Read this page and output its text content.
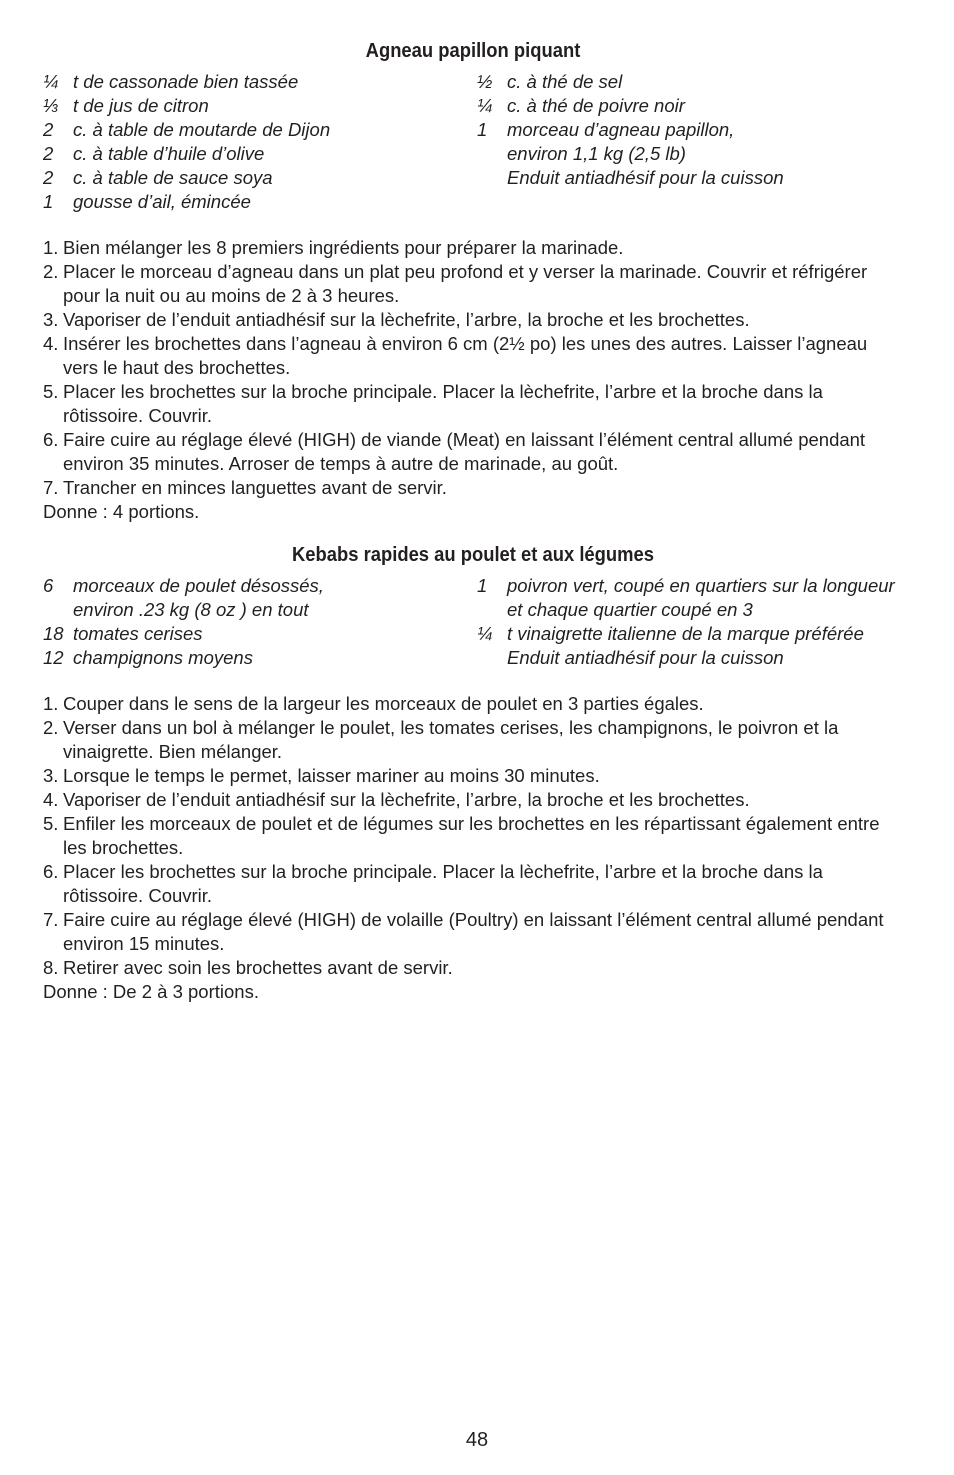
Agneau papillon piquant
¼ t de cassonade bien tassée
⅓ t de jus de citron
2	c. à table de moutarde de Dijon
2	c. à table d’huile d’olive
2	c. à table de sauce soya
1	gousse d’ail, émincée
½ c. à thé de sel
¼ c. à thé de poivre noir
1	morceau d’agneau papillon,
environ 1,1 kg (2,5 lb)
Enduit antiadhésif pour la cuisson
1. Bien mélanger les 8 premiers ingrédients pour préparer la marinade.
2. Placer le morceau d’agneau dans un plat peu profond et y verser la marinade. Couvrir et réfrigérer pour la nuit ou au moins de 2 à 3 heures.
3. Vaporiser de l’enduit antiadhésif sur la lèchefrite, l’arbre, la broche et les brochettes.
4. Insérer les brochettes dans l’agneau à environ 6 cm (2½ po) les unes des autres. Laisser l’agneau vers le haut des brochettes.
5. Placer les brochettes sur la broche principale. Placer la lèchefrite, l’arbre et la broche dans la rôtissoire. Couvrir.
6. Faire cuire au réglage élevé (HIGH) de viande (Meat) en laissant l’élément central allumé pendant environ 35 minutes. Arroser de temps à autre de marinade, au goût.
7. Trancher en minces languettes avant de servir.

Donne : 4 portions.

Kebabs rapides au poulet et aux légumes
6	morceaux de poulet désossés,
environ .23 kg (8 oz ) en tout
18 tomates cerises
12 champignons moyens
1	poivron vert, coupé en quartiers sur la longueur
et chaque quartier coupé en 3
¼ t vinaigrette italienne de la marque préférée
Enduit antiadhésif pour la cuisson
1. Couper dans le sens de la largeur les morceaux de poulet en 3 parties égales.
2. Verser dans un bol à mélanger le poulet, les tomates cerises, les champignons, le poivron et la vinaigrette. Bien mélanger.
3. Lorsque le temps le permet, laisser mariner au moins 30 minutes.
4. Vaporiser de l’enduit antiadhésif sur la lèchefrite, l’arbre, la broche et les brochettes.
5. Enfiler les morceaux de poulet et de légumes sur les brochettes en les répartissant également entre les brochettes.
6. Placer les brochettes sur la broche principale. Placer la lèchefrite, l’arbre et la broche dans la rôtissoire. Couvrir.
7. Faire cuire au réglage élevé (HIGH) de volaille (Poultry) en laissant l’élément central allumé pendant environ 15 minutes.
8. Retirer avec soin les brochettes avant de servir.

Donne : De 2 à 3 portions.

48
